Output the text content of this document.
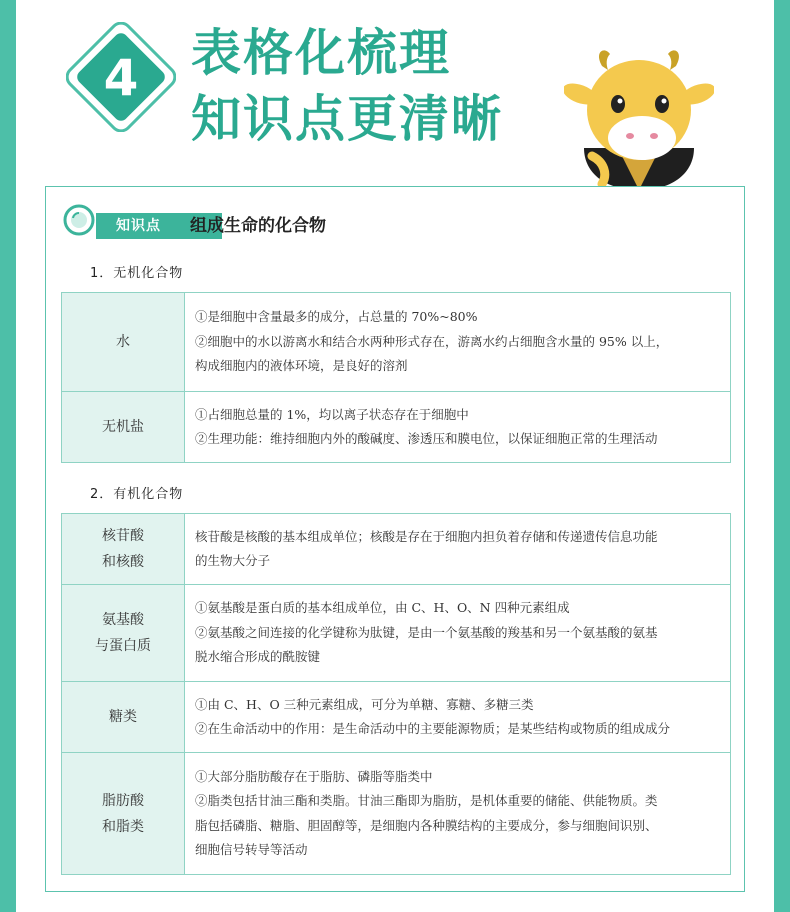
4 表格化梳理
知识点更清晰
知识点	组成生命的化合物
1．无机化合物
水	①是细胞中含量最多的成分，占总量的 70%~80%
②细胞中的水以游离水和结合水两种形式存在，游离水约占细胞含水量的 95% 以上，
构成细胞内的液体环境，是良好的溶剂

无机盐	①占细胞总量的 1%，均以离子状态存在于细胞中
②生理功能：维持细胞内外的酸碱度、渗透压和膜电位，以保证细胞正常的生理活动
2．有机化合物
核苷酸
和核酸	核苷酸是核酸的基本组成单位；核酸是存在于细胞内担负着存储和传递遗传信息功能
的生物大分子

氨基酸
与蛋白质	①氨基酸是蛋白质的基本组成单位，由 C、H、O、N 四种元素组成
②氨基酸之间连接的化学键称为肽键，是由一个氨基酸的羧基和另一个氨基酸的氨基
脱水缩合形成的酰胺键

糖类	①由 C、H、O 三种元素组成，可分为单糖、寡糖、多糖三类
②在生命活动中的作用：是生命活动中的主要能源物质；是某些结构或物质的组成成分

脂肪酸
和脂类	①大部分脂肪酸存在于脂肪、磷脂等脂类中
②脂类包括甘油三酯和类脂。甘油三酯即为脂肪，是机体重要的储能、供能物质。类
脂包括磷脂、糖脂、胆固醇等，是细胞内各种膜结构的主要成分，参与细胞间识别、
细胞信号转导等活动
